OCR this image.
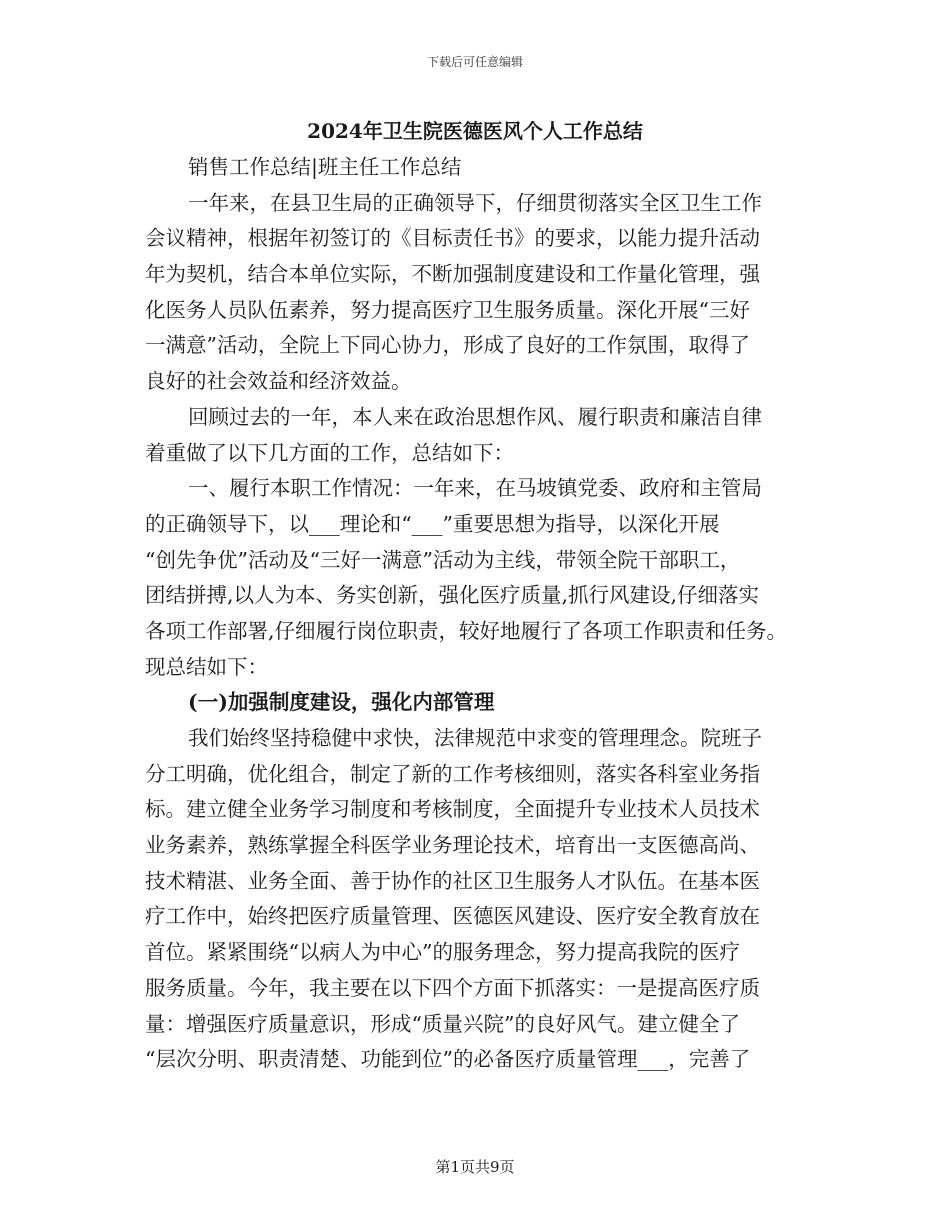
下载后可任意编辑
2024年卫生院医德医风个人工作总结
销售工作总结|班主任工作总结
一年来，在县卫生局的正确领导下，仔细贯彻落实全区卫生工作
会议精神，根据年初签订的《目标责任书》的要求，以能力提升活动
年为契机，结合本单位实际，不断加强制度建设和工作量化管理，强
化医务人员队伍素养，努力提高医疗卫生服务质量。深化开展“三好
一满意”活动，全院上下同心协力，形成了良好的工作氛围，取得了
良好的社会效益和经济效益。
回顾过去的一年，本人来在政治思想作风、履行职责和廉洁自律
着重做了以下几方面的工作，总结如下：
一、履行本职工作情况：一年来，在马坡镇党委、政府和主管局
的正确领导下，以___理论和“___”重要思想为指导，以深化开展
“创先争优”活动及“三好一满意”活动为主线，带领全院干部职工，
团结拼搏,以人为本、务实创新，强化医疗质量,抓行风建设,仔细落实
各项工作部署,仔细履行岗位职责，较好地履行了各项工作职责和任务。
现总结如下：
(一)加强制度建设，强化内部管理
我们始终坚持稳健中求快，法律规范中求变的管理理念。院班子
分工明确，优化组合，制定了新的工作考核细则，落实各科室业务指
标。建立健全业务学习制度和考核制度，全面提升专业技术人员技术
业务素养，熟练掌握全科医学业务理论技术，培育出一支医德高尚、
技术精湛、业务全面、善于协作的社区卫生服务人才队伍。在基本医
疗工作中，始终把医疗质量管理、医德医风建设、医疗安全教育放在
首位。紧紧围绕“以病人为中心”的服务理念，努力提高我院的医疗
服务质量。今年，我主要在以下四个方面下抓落实：一是提高医疗质
量：增强医疗质量意识，形成“质量兴院”的良好风气。建立健全了
“层次分明、职责清楚、功能到位”的必备医疗质量管理___，完善了
第1页共9页
